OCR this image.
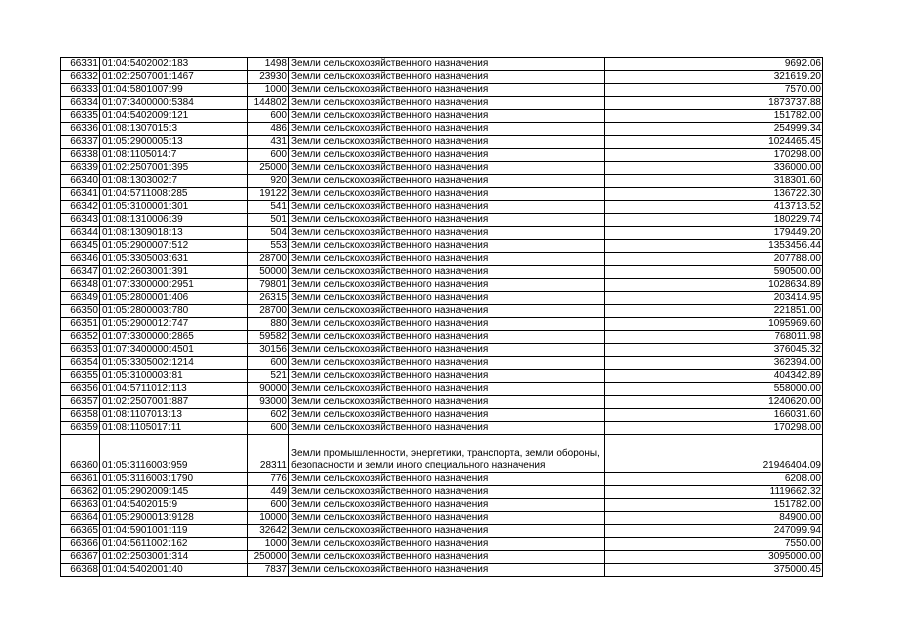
66331	01:04:5402002:183	1498	Земли сельскохозяйственного назначения	9692.06
66332	01:02:2507001:1467	23930	Земли сельскохозяйственного назначения	321619.20
66333	01:04:5801007:99	1000	Земли сельскохозяйственного назначения	7570.00
66334	01:07:3400000:5384	144802	Земли сельскохозяйственного назначения	1873737.88
66335	01:04:5402009:121	600	Земли сельскохозяйственного назначения	151782.00
66336	01:08:1307015:3	486	Земли сельскохозяйственного назначения	254999.34
66337	01:05:2900005:13	431	Земли сельскохозяйственного назначения	1024465.45
66338	01:08:1105014:7	600	Земли сельскохозяйственного назначения	170298.00
66339	01:02:2507001:395	25000	Земли сельскохозяйственного назначения	336000.00
66340	01:08:1303002:7	920	Земли сельскохозяйственного назначения	318301.60
66341	01:04:5711008:285	19122	Земли сельскохозяйственного назначения	136722.30
66342	01:05:3100001:301	541	Земли сельскохозяйственного назначения	413713.52
66343	01:08:1310006:39	501	Земли сельскохозяйственного назначения	180229.74
66344	01:08:1309018:13	504	Земли сельскохозяйственного назначения	179449.20
66345	01:05:2900007:512	553	Земли сельскохозяйственного назначения	1353456.44
66346	01:05:3305003:631	28700	Земли сельскохозяйственного назначения	207788.00
66347	01:02:2603001:391	50000	Земли сельскохозяйственного назначения	590500.00
66348	01:07:3300000:2951	79801	Земли сельскохозяйственного назначения	1028634.89
66349	01:05:2800001:406	26315	Земли сельскохозяйственного назначения	203414.95
66350	01:05:2800003:780	28700	Земли сельскохозяйственного назначения	221851.00
66351	01:05:2900012:747	880	Земли сельскохозяйственного назначения	1095969.60
66352	01:07:3300000:2865	59582	Земли сельскохозяйственного назначения	768011.98
66353	01:07:3400000:4501	30156	Земли сельскохозяйственного назначения	376045.32
66354	01:05:3305002:1214	600	Земли сельскохозяйственного назначения	362394.00
66355	01:05:3100003:81	521	Земли сельскохозяйственного назначения	404342.89
66356	01:04:5711012:113	90000	Земли сельскохозяйственного назначения	558000.00
66357	01:02:2507001:887	93000	Земли сельскохозяйственного назначения	1240620.00
66358	01:08:1107013:13	602	Земли сельскохозяйственного назначения	166031.60
66359	01:08:1105017:11	600	Земли сельскохозяйственного назначения	170298.00
66360	01:05:3116003:959	28311	Земли промышленности, энергетики, транспорта, земли обороны, безопасности и земли иного специального назначения	21946404.09
66361	01:05:3116003:1790	776	Земли сельскохозяйственного назначения	6208.00
66362	01:05:2902009:145	449	Земли сельскохозяйственного назначения	1119662.32
66363	01:04:5402015:9	600	Земли сельскохозяйственного назначения	151782.00
66364	01:05:2900013:9128	10000	Земли сельскохозяйственного назначения	84900.00
66365	01:04:5901001:119	32642	Земли сельскохозяйственного назначения	247099.94
66366	01:04:5611002:162	1000	Земли сельскохозяйственного назначения	7550.00
66367	01:02:2503001:314	250000	Земли сельскохозяйственного назначения	3095000.00
66368	01:04:5402001:40	7837	Земли сельскохозяйственного назначения	375000.45
